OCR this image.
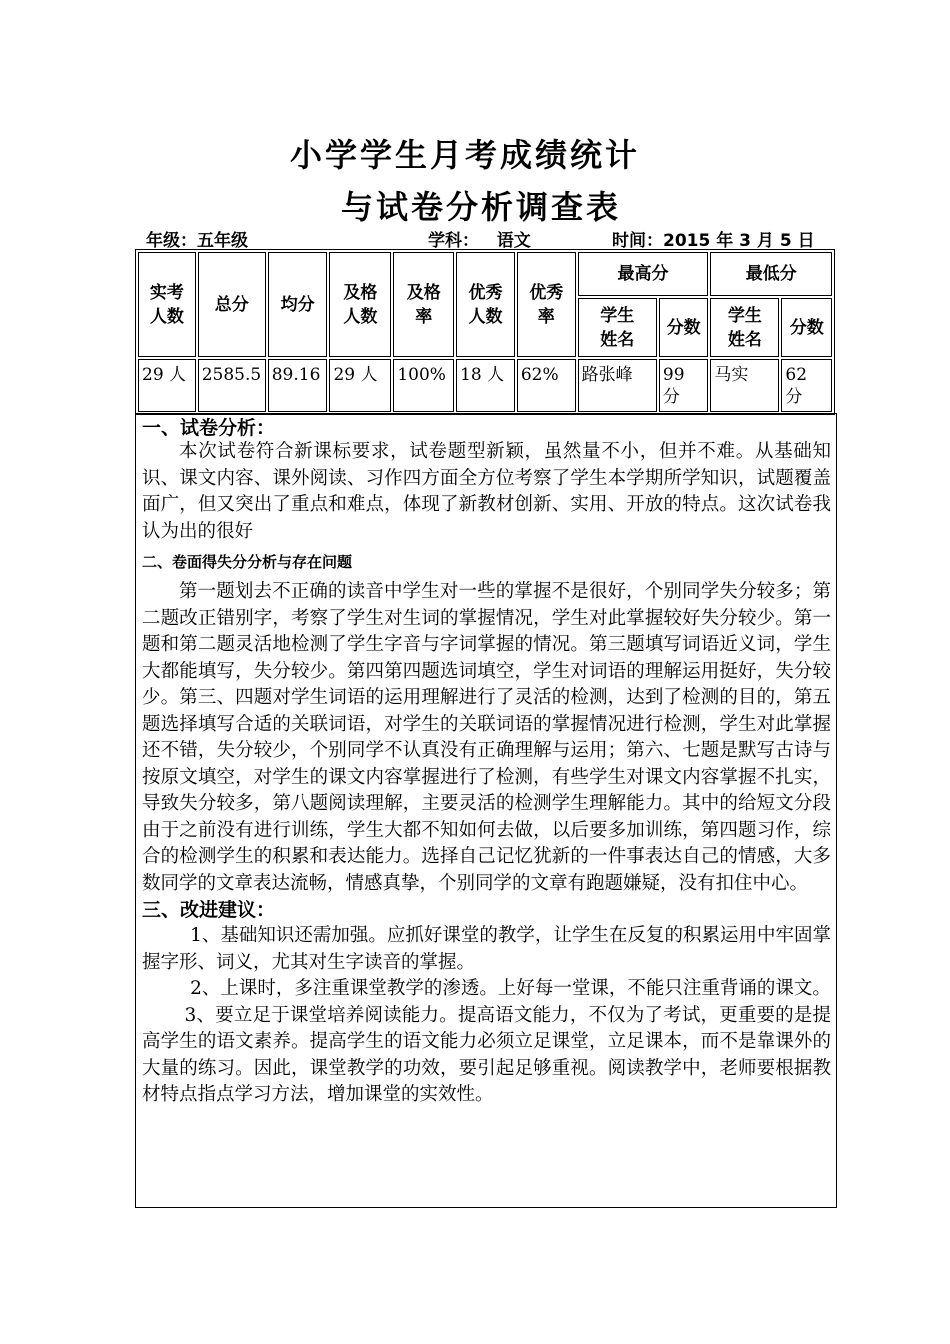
小学学生月考成绩统计
与试卷分析调查表
年级：五年级	学科：   语文	时间：2015 年 3 月 5 日
实考人数	总分	均分	及格人数	及格率	优秀人数	优秀率	最高分		最低分	
							学生姓名	分数	学生姓名	分数
29 人	2585.5	89.16	29 人	100%	18 人	62%	路张峰	99 分	马实	62 分

一、试卷分析：

本次试卷符合新课标要求，试卷题型新颖，虽然量不小，但并不难。从基础知识、课文内容、课外阅读、习作四方面全方位考察了学生本学期所学知识，试题覆盖面广，但又突出了重点和难点，体现了新教材创新、实用、开放的特点。这次试卷我认为出的很好

二、卷面得失分分析与存在问题

第一题划去不正确的读音中学生对一些的掌握不是很好，个别同学失分较多；第二题改正错别字，考察了学生对生词的掌握情况，学生对此掌握较好失分较少。第一题和第二题灵活地检测了学生字音与字词掌握的情况。第三题填写词语近义词，学生大都能填写，失分较少。第四第四题选词填空，学生对词语的理解运用挺好，失分较少。第三、四题对学生词语的运用理解进行了灵活的检测，达到了检测的目的，第五题选择填写合适的关联词语，对学生的关联词语的掌握情况进行检测，学生对此掌握还不错，失分较少，个别同学不认真没有正确理解与运用；第六、七题是默写古诗与按原文填空，对学生的课文内容掌握进行了检测，有些学生对课文内容掌握不扎实，导致失分较多，第八题阅读理解，主要灵活的检测学生理解能力。其中的给短文分段由于之前没有进行训练，学生大都不知如何去做，以后要多加训练，第四题习作，综合的检测学生的积累和表达能力。选择自己记忆犹新的一件事表达自己的情感，大多数同学的文章表达流畅，情感真挚，个别同学的文章有跑题嫌疑，没有扣住中心。

三、改进建议：

1、基础知识还需加强。应抓好课堂的教学，让学生在反复的积累运用中牢固掌握字形、词义，尤其对生字读音的掌握。

2、上课时，多注重课堂教学的渗透。上好每一堂课，不能只注重背诵的课文。

3、要立足于课堂培养阅读能力。提高语文能力，不仅为了考试，更重要的是提高学生的语文素养。提高学生的语文能力必须立足课堂，立足课本，而不是靠课外的大量的练习。因此，课堂教学的功效，要引起足够重视。阅读教学中，老师要根据教材特点指点学习方法，增加课堂的实效性。
